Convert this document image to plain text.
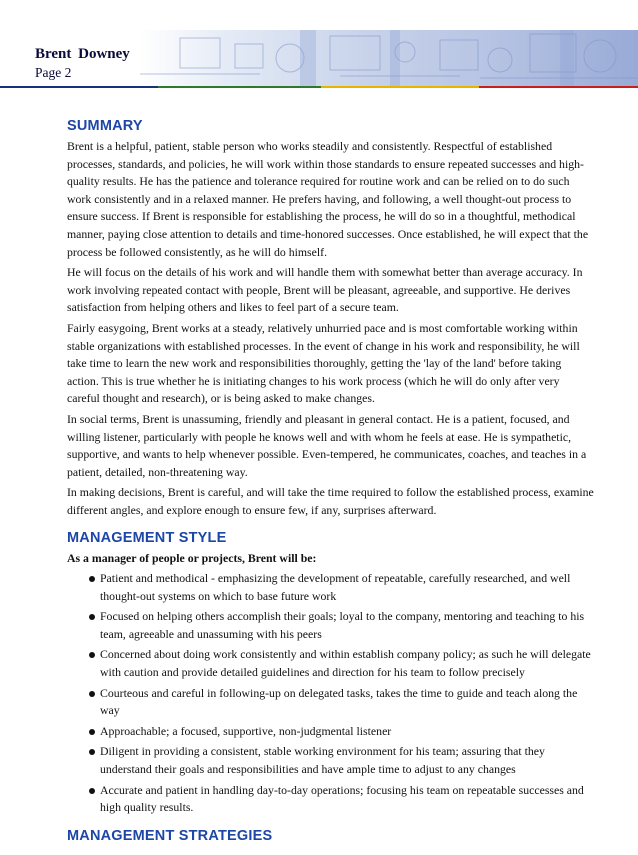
Brent Downey
Page 2
SUMMARY

Brent is a helpful, patient, stable person who works steadily and consistently. Respectful of established processes, standards, and policies, he will work within those standards to ensure repeated successes and high-quality results. He has the patience and tolerance required for routine work and can be relied on to do such work consistently and in a relaxed manner. He prefers having, and following, a well thought-out process to ensure success. If Brent is responsible for establishing the process, he will do so in a thoughtful, methodical manner, paying close attention to details and time-honored successes. Once established, he will expect that the process be followed consistently, as he will do himself.

He will focus on the details of his work and will handle them with somewhat better than average accuracy. In work involving repeated contact with people, Brent will be pleasant, agreeable, and supportive. He derives satisfaction from helping others and likes to feel part of a secure team.

Fairly easygoing, Brent works at a steady, relatively unhurried pace and is most comfortable working within stable organizations with established processes. In the event of change in his work and responsibility, he will take time to learn the new work and responsibilities thoroughly, getting the 'lay of the land' before taking action. This is true whether he is initiating changes to his work process (which he will do only after very careful thought and research), or is being asked to make changes.

In social terms, Brent is unassuming, friendly and pleasant in general contact. He is a patient, focused, and willing listener, particularly with people he knows well and with whom he feels at ease. He is sympathetic, supportive, and wants to help whenever possible. Even-tempered, he communicates, coaches, and teaches in a patient, detailed, non-threatening way.

In making decisions, Brent is careful, and will take the time required to follow the established process, examine different angles, and explore enough to ensure few, if any, surprises afterward.

MANAGEMENT STYLE
As a manager of people or projects, Brent will be:
Patient and methodical - emphasizing the development of repeatable, carefully researched, and well thought-out systems on which to base future work
Focused on helping others accomplish their goals; loyal to the company, mentoring and teaching to his team, agreeable and unassuming with his peers
Concerned about doing work consistently and within establish company policy; as such he will delegate with caution and provide detailed guidelines and direction for his team to follow precisely
Courteous and careful in following-up on delegated tasks, takes the time to guide and teach along the way
Approachable; a focused, supportive, non-judgmental listener
Diligent in providing a consistent, stable working environment for his team; assuring that they understand their goals and responsibilities and have ample time to adjust to any changes
Accurate and patient in handling day-to-day operations; focusing his team on repeatable successes and high quality results.
MANAGEMENT STRATEGIES
